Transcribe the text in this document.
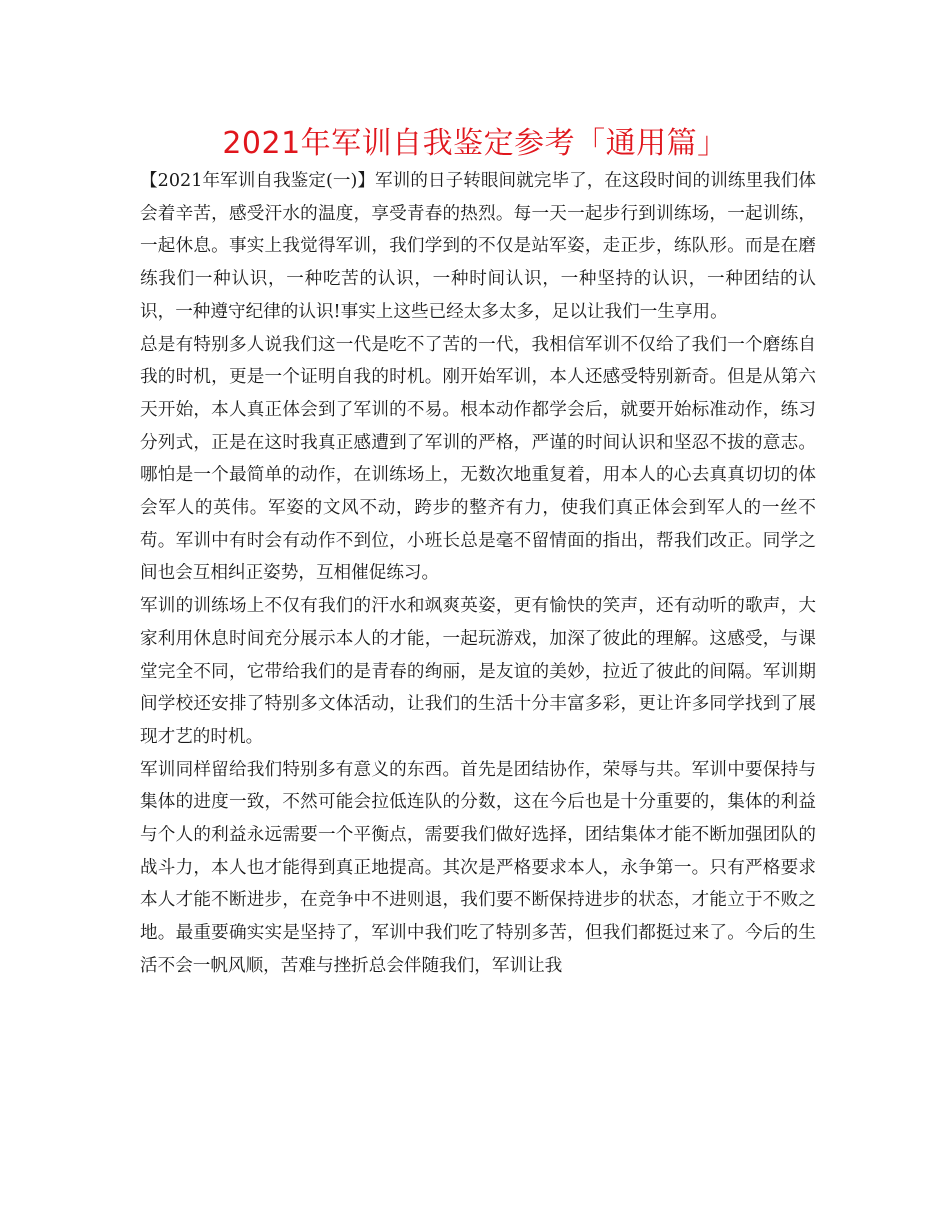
2021年军训自我鉴定参考「通用篇」

【2021年军训自我鉴定(一)】军训的日子转眼间就完毕了，在这段时间的训练里我们体会着辛苦，感受汗水的温度，享受青春的热烈。每一天一起步行到训练场，一起训练，一起休息。事实上我觉得军训，我们学到的不仅是站军姿，走正步，练队形。而是在磨练我们一种认识，一种吃苦的认识，一种时间认识，一种坚持的认识，一种团结的认识，一种遵守纪律的认识!事实上这些已经太多太多，足以让我们一生享用。

总是有特别多人说我们这一代是吃不了苦的一代，我相信军训不仅给了我们一个磨练自我的时机，更是一个证明自我的时机。刚开始军训，本人还感受特别新奇。但是从第六天开始，本人真正体会到了军训的不易。根本动作都学会后，就要开始标准动作，练习分列式，正是在这时我真正感遭到了军训的严格，严谨的时间认识和坚忍不拔的意志。哪怕是一个最简单的动作，在训练场上，无数次地重复着，用本人的心去真真切切的体会军人的英伟。军姿的文风不动，跨步的整齐有力，使我们真正体会到军人的一丝不苟。军训中有时会有动作不到位，小班长总是毫不留情面的指出，帮我们改正。同学之间也会互相纠正姿势，互相催促练习。

军训的训练场上不仅有我们的汗水和飒爽英姿，更有愉快的笑声，还有动听的歌声，大家利用休息时间充分展示本人的才能，一起玩游戏，加深了彼此的理解。这感受，与课堂完全不同，它带给我们的是青春的绚丽，是友谊的美妙，拉近了彼此的间隔。军训期间学校还安排了特别多文体活动，让我们的生活十分丰富多彩，更让许多同学找到了展现才艺的时机。

军训同样留给我们特别多有意义的东西。首先是团结协作，荣辱与共。军训中要保持与集体的进度一致，不然可能会拉低连队的分数，这在今后也是十分重要的，集体的利益与个人的利益永远需要一个平衡点，需要我们做好选择，团结集体才能不断加强团队的战斗力，本人也才能得到真正地提高。其次是严格要求本人，永争第一。只有严格要求本人才能不断进步，在竞争中不进则退，我们要不断保持进步的状态，才能立于不败之地。最重要确实实是坚持了，军训中我们吃了特别多苦，但我们都挺过来了。今后的生活不会一帆风顺，苦难与挫折总会伴随我们，军训让我
